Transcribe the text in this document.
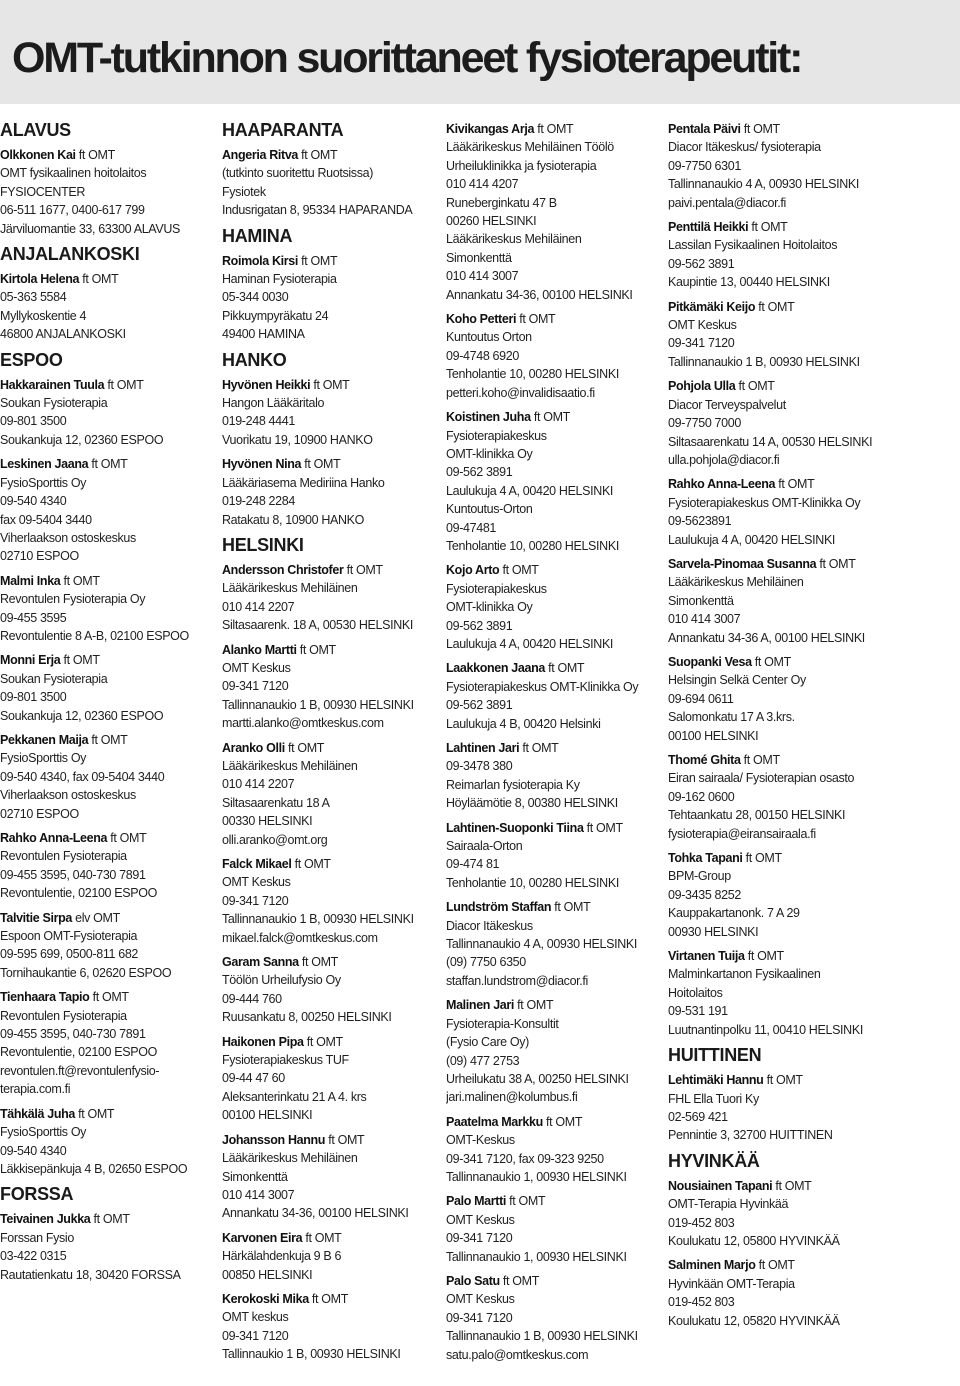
OMT-tutkinnon suorittaneet fysioterapeutit:
ALAVUS
Olkkonen Kai ft OMT
OMT fysikaalinen hoitolaitos
FYSIOCENTER
06-511 1677, 0400-617 799
Järviluomantie 33, 63300 ALAVUS
ANJALANKOSKI
Kirtola Helena ft OMT
05-363 5584
Myllykoskentie 4
46800 ANJALANKOSKI
ESPOO
Hakkarainen Tuula ft OMT
Soukan Fysioterapia
09-801 3500
Soukankuja 12, 02360 ESPOO
Leskinen Jaana ft OMT
FysioSporttis Oy
09-540 4340
fax 09-5404 3440
Viherlaakson ostoskeskus
02710 ESPOO
Malmi Inka ft OMT
Revontulen Fysioterapia Oy
09-455 3595
Revontulentie 8 A-B, 02100 ESPOO
Monni Erja ft OMT
Soukan Fysioterapia
09-801 3500
Soukankuja 12, 02360 ESPOO
Pekkanen Maija ft OMT
FysioSporttis Oy
09-540 4340, fax 09-5404 3440
Viherlaakson ostoskeskus
02710 ESPOO
Rahko Anna-Leena ft OMT
Revontulen Fysioterapia
09-455 3595, 040-730 7891
Revontulentie, 02100 ESPOO
Talvitie Sirpa elv OMT
Espoon OMT-Fysioterapia
09-595 699, 0500-811 682
Tornihaukantie 6, 02620 ESPOO
Tienhaara Tapio ft OMT
Revontulen Fysioterapia
09-455 3595, 040-730 7891
Revontulentie, 02100 ESPOO
revontulen.ft@revontulenfysio-
terapia.com.fi
Tähkälä Juha ft OMT
FysioSporttis Oy
09-540 4340
Läkkisepänkuja 4 B, 02650 ESPOO
FORSSA
Teivainen Jukka ft OMT
Forssan Fysio
03-422 0315
Rautatienkatu 18, 30420 FORSSA
HAAPARANTA
Angeria Ritva ft OMT
(tutkinto suoritettu Ruotsissa)
Fysiotek
Indusrigatan 8, 95334 HAPARANDA
HAMINA
Roimola Kirsi ft OMT
Haminan Fysioterapia
05-344 0030
Pikkuympyräkatu 24
49400 HAMINA
HANKO
Hyvönen Heikki ft OMT
Hangon Lääkäritalo
019-248 4441
Vuorikatu 19, 10900 HANKO
Hyvönen Nina ft OMT
Lääkäriasema Mediriina Hanko
019-248 2284
Ratakatu 8, 10900 HANKO
HELSINKI
Andersson Christofer ft OMT
Lääkärikeskus Mehiläinen
010 414 2207
Siltasaarenk. 18 A, 00530 HELSINKI
Alanko Martti ft OMT
OMT Keskus
09-341 7120
Tallinnanaukio 1 B, 00930 HELSINKI
martti.alanko@omtkeskus.com
Aranko Olli ft OMT
Lääkärikeskus Mehiläinen
010 414 2207
Siltasaarenkatu 18 A
00330 HELSINKI
olli.aranko@omt.org
Falck Mikael ft OMT
OMT Keskus
09-341 7120
Tallinnanaukio 1 B, 00930 HELSINKI
mikael.falck@omtkeskus.com
Garam Sanna ft OMT
Töölön Urheilufysio Oy
09-444 760
Ruusankatu 8, 00250 HELSINKI
Haikonen Pipa ft OMT
Fysioterapiakeskus TUF
09-44 47 60
Aleksanterinkatu 21 A 4. krs
00100 HELSINKI
Johansson Hannu ft OMT
Lääkärikeskus Mehiläinen
Simonkenttä
010 414 3007
Annankatu 34-36, 00100 HELSINKI
Karvonen Eira ft OMT
Härkälahdenkuja 9 B 6
00850 HELSINKI
Kerokoski Mika ft OMT
OMT keskus
09-341 7120
Tallinnaukio 1 B, 00930 HELSINKI
Kivikangas Arja ft OMT
Lääkärikeskus Mehiläinen Töölö
Urheiluklinikka ja fysioterapia
010 414 4207
Runeberginkatu 47 B
00260 HELSINKI
Lääkärikeskus Mehiläinen
Simonkenttä
010 414 3007
Annankatu 34-36, 00100 HELSINKI
Koho Petteri ft OMT
Kuntoutus Orton
09-4748 6920
Tenholantie 10, 00280 HELSINKI
petteri.koho@invalidisaatio.fi
Koistinen Juha ft OMT
Fysioterapiakeskus
OMT-klinikka Oy
09-562 3891
Laulukuja 4 A, 00420 HELSINKI
Kuntoutus-Orton
09-47481
Tenholantie 10, 00280 HELSINKI
Kojo Arto ft OMT
Fysioterapiakeskus
OMT-klinikka Oy
09-562 3891
Laulukuja 4 A, 00420 HELSINKI
Laakkonen Jaana ft OMT
Fysioterapiakeskus OMT-Klinikka Oy
09-562 3891
Laulukuja 4 B, 00420 Helsinki
Lahtinen Jari ft OMT
09-3478 380
Reimarlan fysioterapia Ky
Höyläämötie 8, 00380 HELSINKI
Lahtinen-Suoponki Tiina ft OMT
Sairaala-Orton
09-474 81
Tenholantie 10, 00280 HELSINKI
Lundström Staffan ft OMT
Diacor Itäkeskus
Tallinnanaukio 4 A, 00930 HELSINKI
(09) 7750 6350
staffan.lundstrom@diacor.fi
Malinen Jari ft OMT
Fysioterapia-Konsultit
(Fysio Care Oy)
(09) 477 2753
Urheilukatu 38 A, 00250 HELSINKI
jari.malinen@kolumbus.fi
Paatelma Markku ft OMT
OMT-Keskus
09-341 7120, fax 09-323 9250
Tallinnanaukio 1, 00930 HELSINKI
Palo Martti ft OMT
OMT Keskus
09-341 7120
Tallinnanaukio 1, 00930 HELSINKI
Palo Satu ft OMT
OMT Keskus
09-341 7120
Tallinnanaukio 1 B, 00930 HELSINKI
satu.palo@omtkeskus.com
Pentala Päivi ft OMT
Diacor Itäkeskus/ fysioterapia
09-7750 6301
Tallinnanaukio 4 A, 00930 HELSINKI
paivi.pentala@diacor.fi
Penttilä Heikki ft OMT
Lassilan Fysikaalinen Hoitolaitos
09-562 3891
Kaupintie 13, 00440 HELSINKI
Pitkämäki Keijo ft OMT
OMT Keskus
09-341 7120
Tallinnanaukio 1 B, 00930 HELSINKI
Pohjola Ulla ft OMT
Diacor Terveyspalvelut
09-7750 7000
Siltasaarenkatu 14 A, 00530 HELSINKI
ulla.pohjola@diacor.fi
Rahko Anna-Leena ft OMT
Fysioterapiakeskus OMT-Klinikka Oy
09-5623891
Laulukuja 4 A, 00420 HELSINKI
Sarvela-Pinomaa Susanna ft OMT
Lääkärikeskus Mehiläinen
Simonkenttä
010 414 3007
Annankatu 34-36 A, 00100 HELSINKI
Suopanki Vesa ft OMT
Helsingin Selkä Center Oy
09-694 0611
Salomonkatu 17 A 3.krs.
00100 HELSINKI
Thomé Ghita ft OMT
Eiran sairaala/ Fysioterapian osasto
09-162 0600
Tehtaankatu 28, 00150 HELSINKI
fysioterapia@eiransairaala.fi
Tohka Tapani ft OMT
BPM-Group
09-3435 8252
Kauppakartanonk. 7 A 29
00930 HELSINKI
Virtanen Tuija ft OMT
Malminkartanon Fysikaalinen
Hoitolaitos
09-531 191
Luutnantinpolku 11, 00410 HELSINKI
HUITTINEN
Lehtimäki Hannu ft OMT
FHL Ella Tuori Ky
02-569 421
Pennintie 3, 32700 HUITTINEN
HYVINKÄÄ
Nousiainen Tapani ft OMT
OMT-Terapia Hyvinkää
019-452 803
Koulukatu 12, 05800 HYVINKÄÄ
Salminen Marjo ft OMT
Hyvinkään OMT-Terapia
019-452 803
Koulukatu 12, 05820 HYVINKÄÄ
